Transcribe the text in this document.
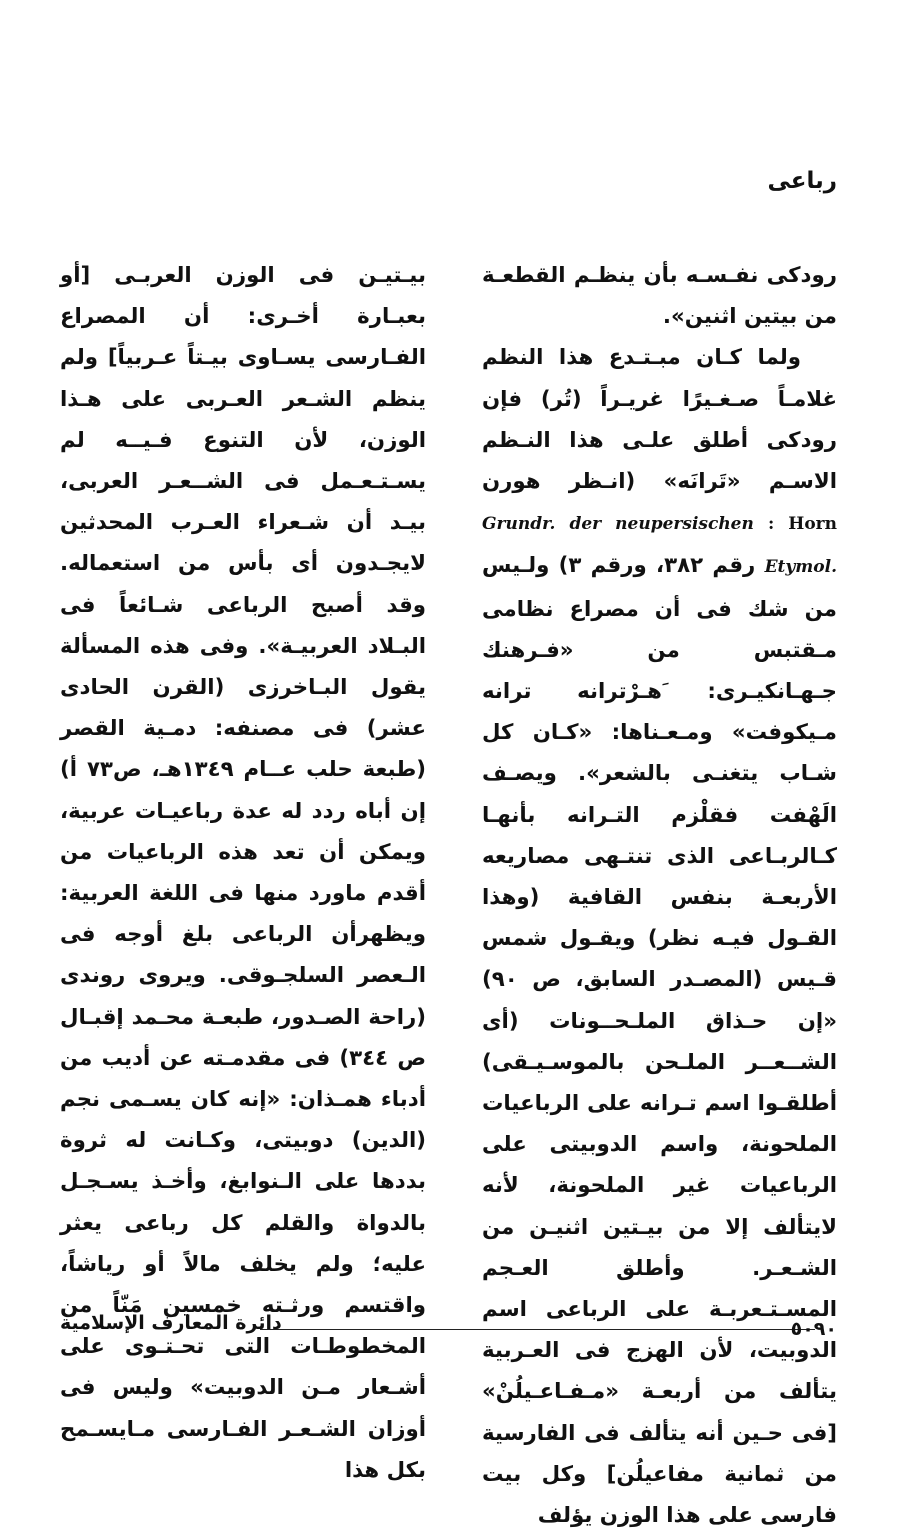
رباعى

رودكى نفـسـه بأن ينظـم القطعـة من بيتين اثنين».

ولما كـان مبـتـدع هذا النظم غلامـاً صـغـيرًا غريـراً (تُر) فإن رودكى أطلق علـى هذا النـظم الاسـم «تَرانَه» (انـظر هورن Grundr. der neupersischen : Horn Etymol. رقم ٣٨٢، ورقم ٣) ولـيس من شك فى أن مصراع نظامى مـقتبس من «فـرهنك جـهـانكيـرى: َهـرْترانه ترانه مـيكوفت» ومـعـناها: «كـان كل شـاب يتغنـى بالشعر». ويصـف الَهْفت فقلْزم التـرانه بأنهـا كـالربـاعى الذى تنتـهى مصاريعه الأربعـة بنفس القافية (وهذا القـول فيـه نظر) ويقـول شمس قـيس (المصـدر السابق، ص ٩٠) «إن حـذاق الملـحــونات (أى الشــعــر الملـحن بالموسـيـقى) أطلقـوا اسم تـرانه على الرباعيات الملحونة، واسم الدوبيتى على الرباعيات غير الملحونة، لأنه لايتألف إلا من بيـتين اثنيـن من الشـعـر. وأطلق العـجم المسـتـعربـة على الرباعى اسم الدوبيت، لأن الهزج فى العـربية يتألف من أربعـة «مـفـاعـيلُنْ» [فى حـين أنه يتألف فى الفارسية من ثمانية مفاعيلُن] وكل بيت فارسى على هذا الوزن يؤلف

بيـتيـن فى الوزن العربـى [أو بعبـارة أخـرى: أن المصراع الفـارسى يسـاوى بيـتاً عـربياً] ولم ينظم الشـعر العـربى على هـذا الوزن، لأن التنوع فـيــه لم يسـتـعـمل فى الشــعـر العربى، بيـد أن شـعراء العـرب المحدثين لايجـدون أى بأس من استعماله. وقد أصبح الرباعى شـائعاً فى البـلاد العربيـة». وفى هذه المسألة يقول البـاخرزى (القرن الحادى عشر) فى مصنفه: دمـية القصر (طبعة حلب عــام ١٣٤٩هـ، ص٧٣ أ) إن أباه ردد له عدة رباعيـات عربية، ويمكن أن تعد هذه الرباعيات من أقدم ماورد منها فى اللغة العربية: ويظهرأن الرباعى بلغ أوجه فى الـعصر السلجـوقى. ويروى روندى (راحة الصـدور، طبعـة محـمد إقبـال ص ٣٤٤) فى مقدمـته عن أديب من أدباء همـذان: «إنه كان يسـمى نجم (الدين) دوبيتى، وكـانت له ثروة بددها على الـنوابغ، وأخـذ يسـجـل بالدواة والقلم كل رباعى يعثر عليه؛ ولم يخلف مالاً أو رياشاً، واقتسم ورثـته خمسين مَنّاً من المخطوطـات التى تحـتـوى على أشـعار مـن الدوبيت» وليس فى أوزان الشـعـر الفـارسى مـايسـمح بكل هذا

دائرة المعارف الإسلامية	٥٠٩٠
